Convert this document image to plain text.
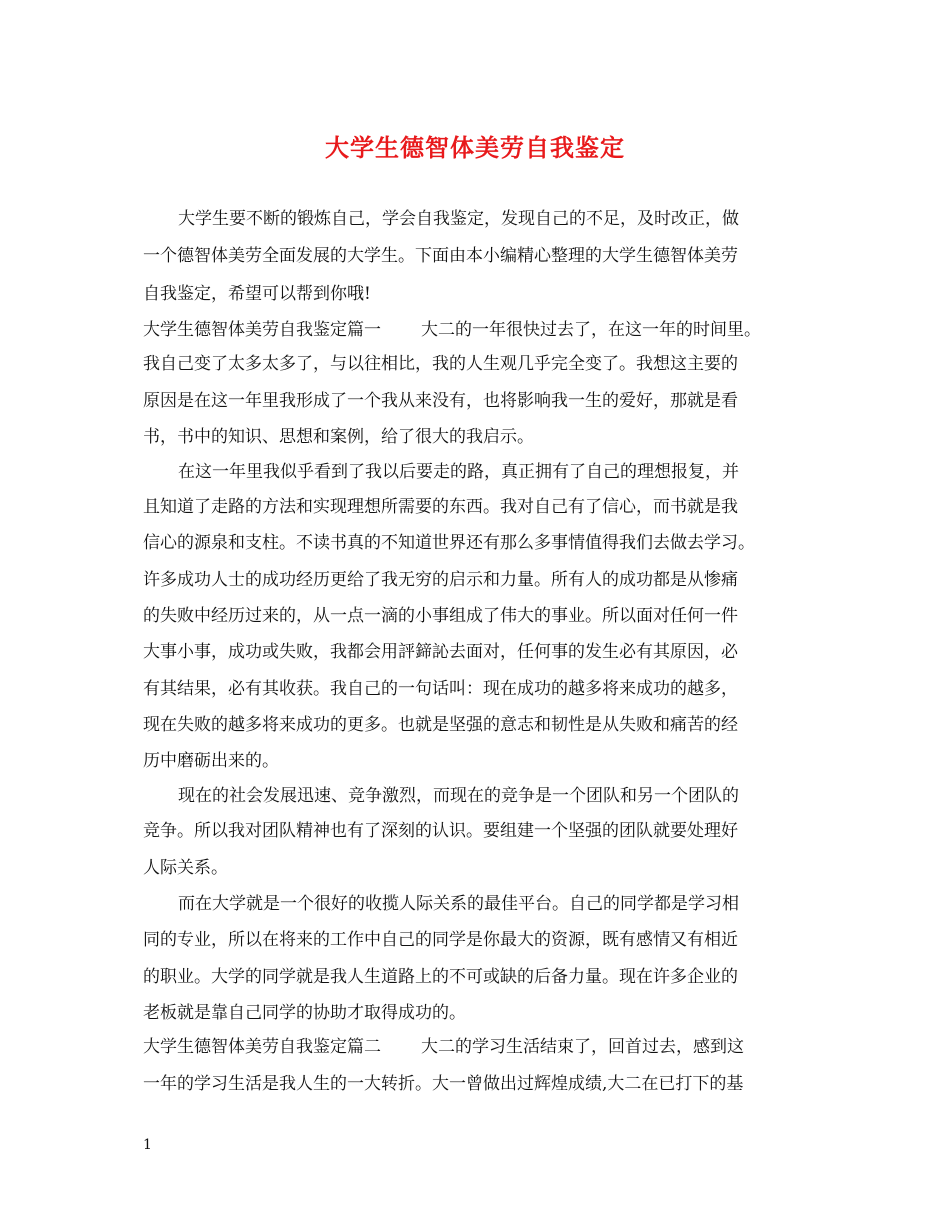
大学生德智体美劳自我鉴定

大学生要不断的锻炼自己，学会自我鉴定，发现自己的不足，及时改正，做

一个德智体美劳全面发展的大学生。下面由本小编精心整理的大学生德智体美劳

自我鉴定，希望可以帮到你哦!

大学生德智体美劳自我鉴定篇一 大二的一年很快过去了，在这一年的时间里。

我自己变了太多太多了，与以往相比，我的人生观几乎完全变了。我想这主要的

原因是在这一年里我形成了一个我从来没有，也将影响我一生的爱好，那就是看

书，书中的知识、思想和案例，给了很大的我启示。

在这一年里我似乎看到了我以后要走的路，真正拥有了自己的理想报复，并

且知道了走路的方法和实现理想所需要的东西。我对自己有了信心，而书就是我

信心的源泉和支柱。不读书真的不知道世界还有那么多事情值得我们去做去学习。

许多成功人士的成功经历更给了我无穷的启示和力量。所有人的成功都是从惨痛

的失败中经历过来的，从一点一滴的小事组成了伟大的事业。所以面对任何一件

大事小事，成功或失败，我都会用評鍗訫去面对，任何事的发生必有其原因，必

有其结果，必有其收获。我自己的一句话叫：现在成功的越多将来成功的越多，

现在失败的越多将来成功的更多。也就是坚强的意志和韧性是从失败和痛苦的经

历中磨砺出来的。

现在的社会发展迅速、竞争激烈，而现在的竞争是一个团队和另一个团队的

竞争。所以我对团队精神也有了深刻的认识。要组建一个坚强的团队就要处理好

人际关系。

而在大学就是一个很好的收揽人际关系的最佳平台。自己的同学都是学习相

同的专业，所以在将来的工作中自己的同学是你最大的资源，既有感情又有相近

的职业。大学的同学就是我人生道路上的不可或缺的后备力量。现在许多企业的

老板就是靠自己同学的协助才取得成功的。

大学生德智体美劳自我鉴定篇二 大二的学习生活结束了，回首过去，感到这

一年的学习生活是我人生的一大转折。大一曾做出过辉煌成绩,大二在已打下的基

1
